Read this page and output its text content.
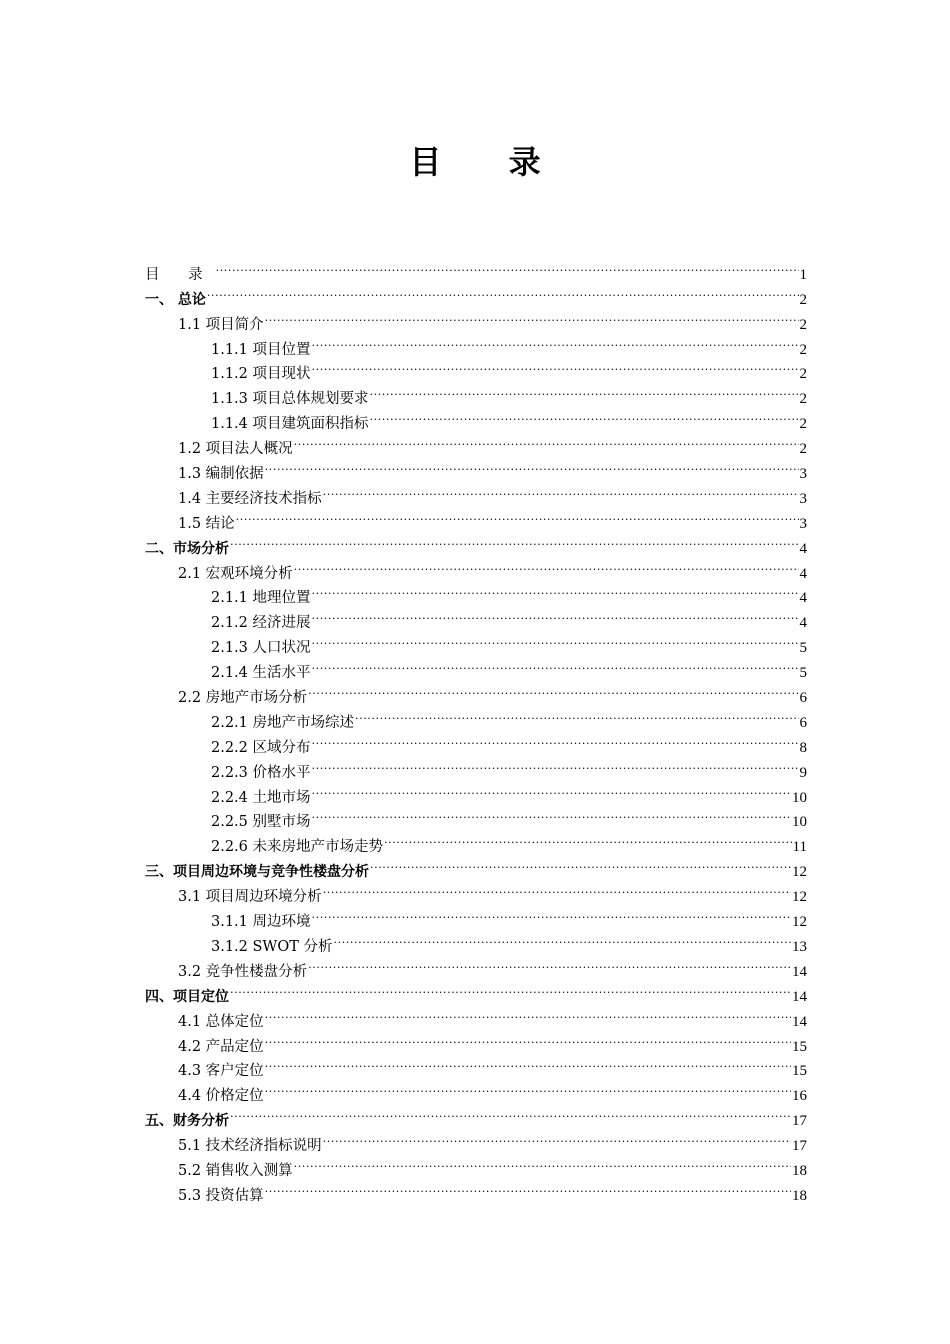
目 录
目 录 .....	1
一、 总论 .....	2
1.1 项目简介 .....	2
1.1.1 项目位置 .....	2
1.1.2 项目现状 .....	2
1.1.3 项目总体规划要求 .....	2
1.1.4 项目建筑面积指标 .....	2
1.2 项目法人概况 .....	2
1.3 编制依据 .....	3
1.4 主要经济技术指标 .....	3
1.5 结论 .....	3
二、市场分析 .....	4
2.1 宏观环境分析 .....	4
2.1.1 地理位置 .....	4
2.1.2 经济进展 .....	4
2.1.3 人口状况 .....	5
2.1.4 生活水平 .....	5
2.2 房地产市场分析 .....	6
2.2.1 房地产市场综述 .....	6
2.2.2 区域分布 .....	8
2.2.3 价格水平 .....	9
2.2.4 土地市场 .....	10
2.2.5 别墅市场 .....	10
2.2.6 未来房地产市场走势 .....	11
三、项目周边环境与竞争性楼盘分析 .....	12
3.1 项目周边环境分析 .....	12
3.1.1 周边环境 .....	12
3.1.2 SWOT 分析 .....	13
3.2 竞争性楼盘分析 .....	14
四、项目定位 .....	14
4.1 总体定位 .....	14
4.2 产品定位 .....	15
4.3 客户定位 .....	15
4.4 价格定位 .....	16
五、财务分析 .....	17
5.1 技术经济指标说明 .....	17
5.2 销售收入测算 .....	18
5.3 投资估算 .....	18
